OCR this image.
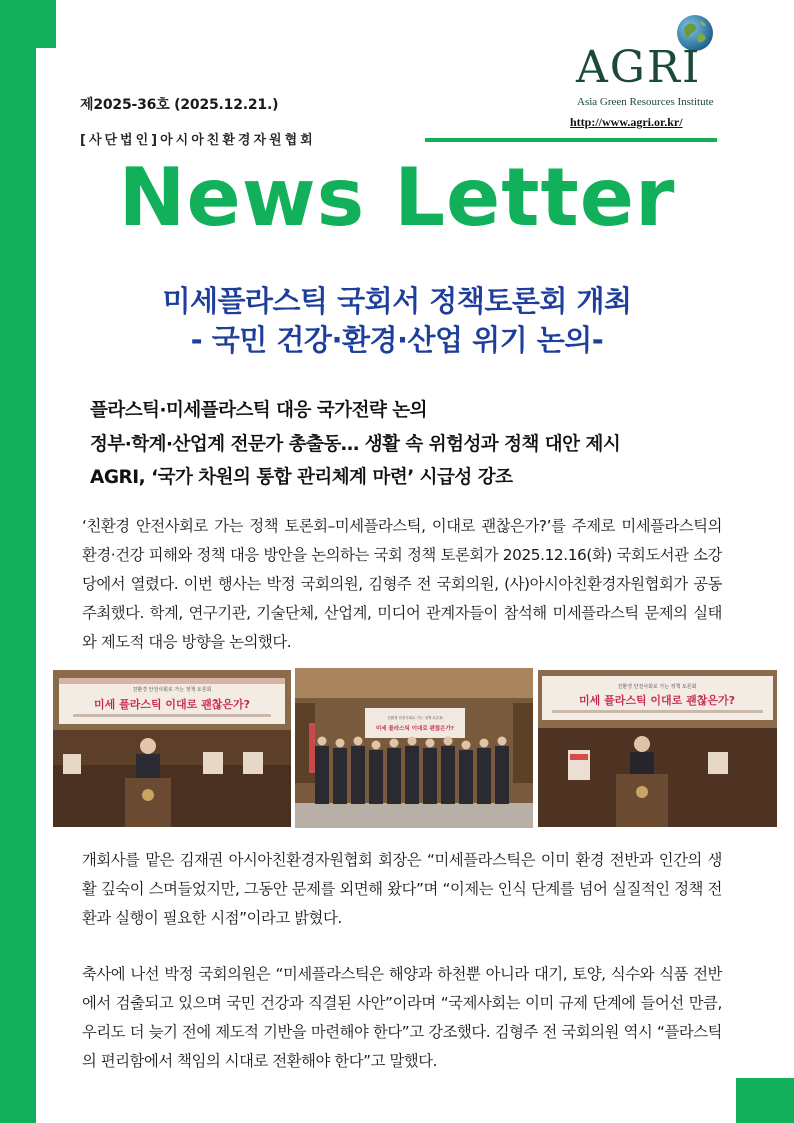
제2025-36호 (2025.12.21.)
[사단법인]아시아친환경자원협회
AGRI
Asia Green Resources Institute
http://www.agri.or.kr/
News Letter
미세플라스틱 국회서 정책토론회 개최
- 국민 건강·환경·산업 위기 논의-
플라스틱·미세플라스틱 대응 국가전략 논의
정부·학계·산업계 전문가 총출동… 생활 속 위험성과 정책 대안 제시
AGRI, ‘국가 차원의 통합 관리체계 마련’ 시급성 강조
‘친환경 안전사회로 가는 정책 토론회–미세플라스틱, 이대로 괜찮은가?’를 주제로 미세플라스틱의 환경·건강 피해와 정책 대응 방안을 논의하는 국회 정책 토론회가 2025.12.16(화) 국회도서관 소강당에서 열렸다. 이번 행사는 박정 국회의원, 김형주 전 국회의원, (사)아시아친환경자원협회가 공동 주최했다. 학계, 연구기관, 기술단체, 산업계, 미디어 관계자들이 참석해 미세플라스틱 문제의 실태와 제도적 대응 방향을 논의했다.
친환경 안전사회로 가는 정책 토론회
미세 플라스틱 이대로 괜찮은가?
친환경 안전사회로 가는 정책 토론회
미세 플라스틱 이대로 괜찮은가?
친환경 안전사회로 가는 정책 토론회
미세 플라스틱 이대로 괜찮은가?
개회사를 맡은 김재권 아시아친환경자원협회 회장은 “미세플라스틱은 이미 환경 전반과 인간의 생활 깊숙이 스며들었지만, 그동안 문제를 외면해 왔다”며 “이제는 인식 단계를 넘어 실질적인 정책 전환과 실행이 필요한 시점”이라고 밝혔다.
축사에 나선 박정 국회의원은 “미세플라스틱은 해양과 하천뿐 아니라 대기, 토양, 식수와 식품 전반에서 검출되고 있으며 국민 건강과 직결된 사안”이라며 “국제사회는 이미 규제 단계에 들어선 만큼, 우리도 더 늦기 전에 제도적 기반을 마련해야 한다”고 강조했다. 김형주 전 국회의원 역시 “플라스틱의 편리함에서 책임의 시대로 전환해야 한다”고 말했다.
